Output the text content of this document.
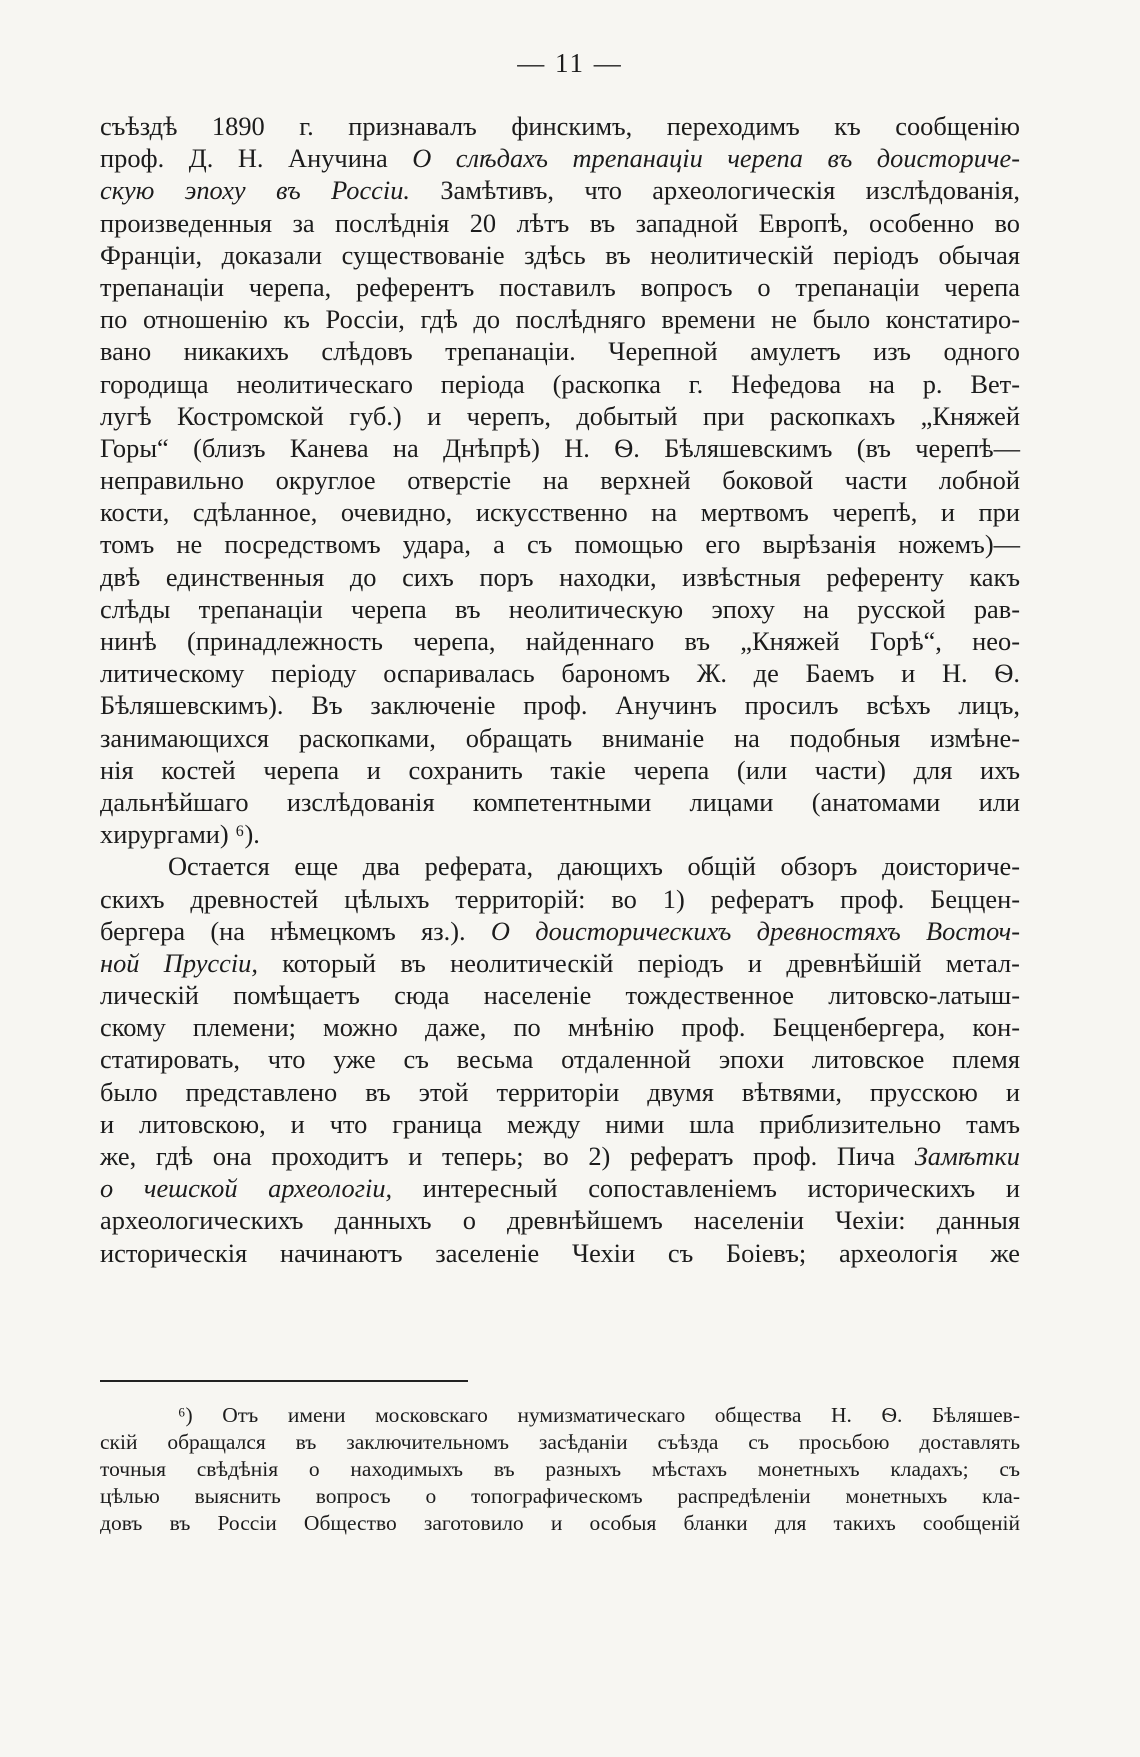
— 11 —
съѣздѣ 1890 г. признавалъ финскимъ, переходимъ къ сообщенію
проф. Д. Н. Анучина О слѣдахъ трепанаціи черепа въ доисториче-
скую эпоху въ Россіи. Замѣтивъ, что археологическія изслѣдованія,
произведенныя за послѣднія 20 лѣтъ въ западной Европѣ, особенно во
Франціи, доказали существованіе здѣсь въ неолитическій періодъ обычая
трепанаціи черепа, референтъ поставилъ вопросъ о трепанаціи черепа
по отношенію къ Россіи, гдѣ до послѣдняго времени не было констатиро-
вано никакихъ слѣдовъ трепанаціи. Черепной амулетъ изъ одного
городища неолитическаго періода (раскопка г. Нефедова на р. Вет-
лугѣ Костромской губ.) и черепъ, добытый при раскопкахъ „Княжей
Горы“ (близъ Канева на Днѣпрѣ) Н. Ѳ. Бѣляшевскимъ (въ черепѣ—
неправильно округлое отверстіе на верхней боковой части лобной
кости, сдѣланное, очевидно, искусственно на мертвомъ черепѣ, и при
томъ не посредствомъ удара, а съ помощью его вырѣзанія ножемъ)—
двѣ единственныя до сихъ поръ находки, извѣстныя референту какъ
слѣды трепанаціи черепа въ неолитическую эпоху на русской рав-
нинѣ (принадлежность черепа, найденнаго въ „Княжей Горѣ“, нео-
литическому періоду оспаривалась барономъ Ж. де Баемъ и Н. Ѳ.
Бѣляшевскимъ). Въ заключеніе проф. Анучинъ просилъ всѣхъ лицъ,
занимающихся раскопками, обращать вниманіе на подобныя измѣне-
нія костей черепа и сохранить такіе черепа (или части) для ихъ
дальнѣйшаго изслѣдованія компетентными лицами (анатомами или
хирургами) ⁶).
Остается еще два реферата, дающихъ общій обзоръ доисториче-
скихъ древностей цѣлыхъ территорій: во 1) рефератъ проф. Беццен-
бергера (на нѣмецкомъ яз.). О доисторическихъ древностяхъ Восточ-
ной Пруссіи, который въ неолитическій періодъ и древнѣйшій метал-
лическій помѣщаетъ сюда населеніе тождественное литовско-латыш-
скому племени; можно даже, по мнѣнію проф. Бецценбергера, кон-
статировать, что уже съ весьма отдаленной эпохи литовское племя
было представлено въ этой территоріи двумя вѣтвями, прусскою и
и литовскою, и что граница между ними шла приблизительно тамъ
же, гдѣ она проходитъ и теперь; во 2) рефератъ проф. Пича Замѣтки
о чешской археологіи, интересный сопоставленіемъ историческихъ и
археологическихъ данныхъ о древнѣйшемъ населеніи Чехіи: данныя
историческія начинаютъ заселеніе Чехіи съ Боіевъ; археологія же
⁶) Отъ имени московскаго нумизматическаго общества Н. Ѳ. Бѣляшев-
скій обращался въ заключительномъ засѣданіи съѣзда съ просьбою доставлять
точныя свѣдѣнія о находимыхъ въ разныхъ мѣстахъ монетныхъ кладахъ; съ
цѣлью выяснить вопросъ о топографическомъ распредѣленіи монетныхъ кла-
довъ въ Россіи Общество заготовило и особыя бланки для такихъ сообщеній
